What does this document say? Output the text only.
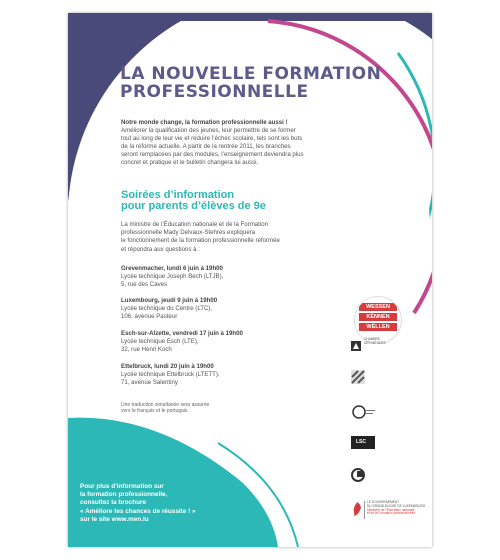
LA NOUVELLE FORMATION
PROFESSIONNELLE
Notre monde change, la formation professionnelle aussi !
Améliorer la qualification des jeunes, leur permettre de se former
tout au long de leur vie et réduire l’échec scolaire, tels sont les buts
de la réforme actuelle. A partir de la rentrée 2011, les branches
seront remplacées par des modules, l’enseignement deviendra plus
concret et pratique et le bulletin changera lui aussi.
Soirées d’information
pour parents d’élèves de 9e
La ministre de l’Éducation nationale et de la Formation
professionnelle Mady Delvaux-Stehres expliquera
le fonctionnement de la formation professionnelle réformée
et répondra aux questions à :
Grevenmacher, lundi 6 juin à 19h00
Lycée technique Joseph Bech (LTJB),
5, rue des Caves
Luxembourg, jeudi 9 juin à 19h00
Lycée technique du Centre (LTC),
106, avenue Pasteur
Esch-sur-Alzette, vendredi 17 juin à 19h00
Lycée technique Esch (LTE),
32, rue Henri Koch
Ettelbruck, lundi 20 juin à 19h00
Lycée technique Ettelbruck (LTETT),
71, avenue Salentiny
Une traduction simultanée sera assurée
vers le français et le portugais.
Pour plus d’information sur
la formation professionnelle,
consultez la brochure
« Améliore tes chances de réussite ! »
sur le site www.men.lu
WESSEN
KËNNEN
WËLLEN
CHAMBRE
DES MÉTIERS
LSC
LE GOUVERNEMENT
DU GRAND-DUCHÉ DE LUXEMBOURG
Ministère de l’Éducation nationale
et de la Formation professionnelle
